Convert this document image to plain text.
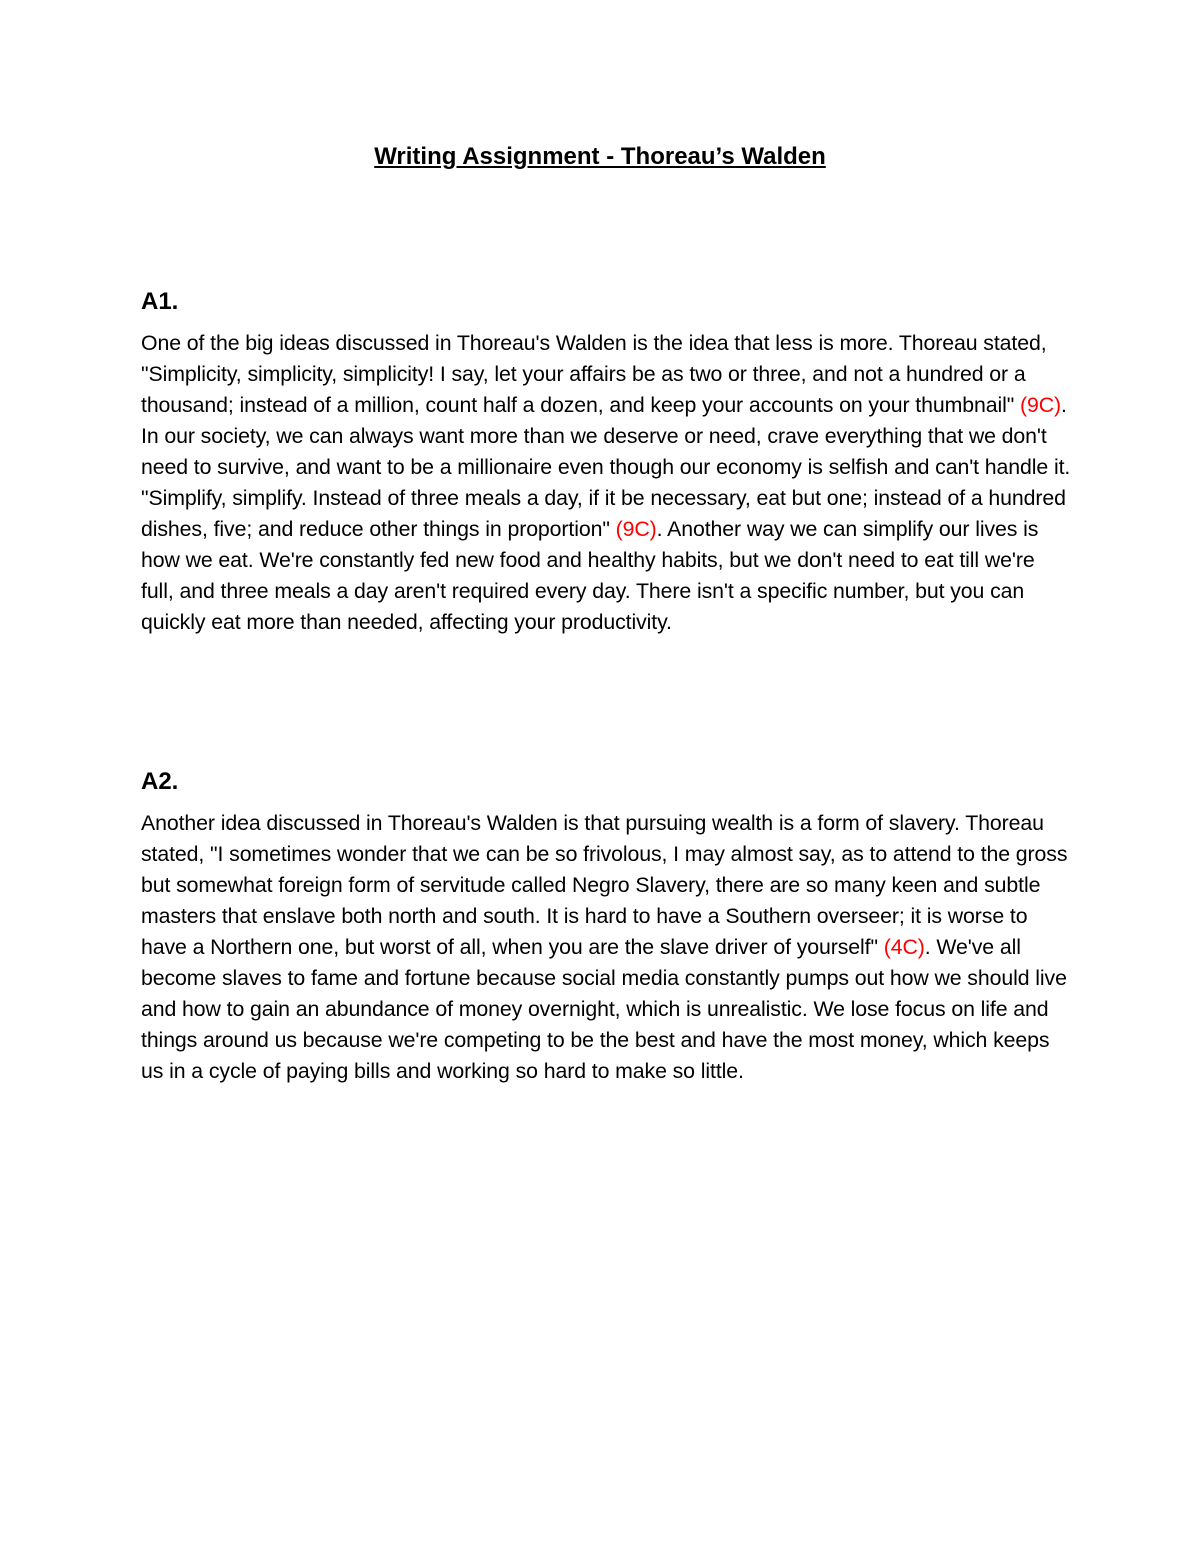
Writing Assignment - Thoreau’s Walden
A1.

One of the big ideas discussed in Thoreau's Walden is the idea that less is more. Thoreau stated, "Simplicity, simplicity, simplicity! I say, let your affairs be as two or three, and not a hundred or a thousand; instead of a million, count half a dozen, and keep your accounts on your thumbnail" (9C). In our society, we can always want more than we deserve or need, crave everything that we don't need to survive, and want to be a millionaire even though our economy is selfish and can't handle it. "Simplify, simplify. Instead of three meals a day, if it be necessary, eat but one; instead of a hundred dishes, five; and reduce other things in proportion" (9C). Another way we can simplify our lives is how we eat. We're constantly fed new food and healthy habits, but we don't need to eat till we're full, and three meals a day aren't required every day. There isn't a specific number, but you can quickly eat more than needed, affecting your productivity.

A2.

Another idea discussed in Thoreau's Walden is that pursuing wealth is a form of slavery. Thoreau stated, "I sometimes wonder that we can be so frivolous, I may almost say, as to attend to the gross but somewhat foreign form of servitude called Negro Slavery, there are so many keen and subtle masters that enslave both north and south. It is hard to have a Southern overseer; it is worse to have a Northern one, but worst of all, when you are the slave driver of yourself" (4C). We've all become slaves to fame and fortune because social media constantly pumps out how we should live and how to gain an abundance of money overnight, which is unrealistic. We lose focus on life and things around us because we're competing to be the best and have the most money, which keeps us in a cycle of paying bills and working so hard to make so little.
